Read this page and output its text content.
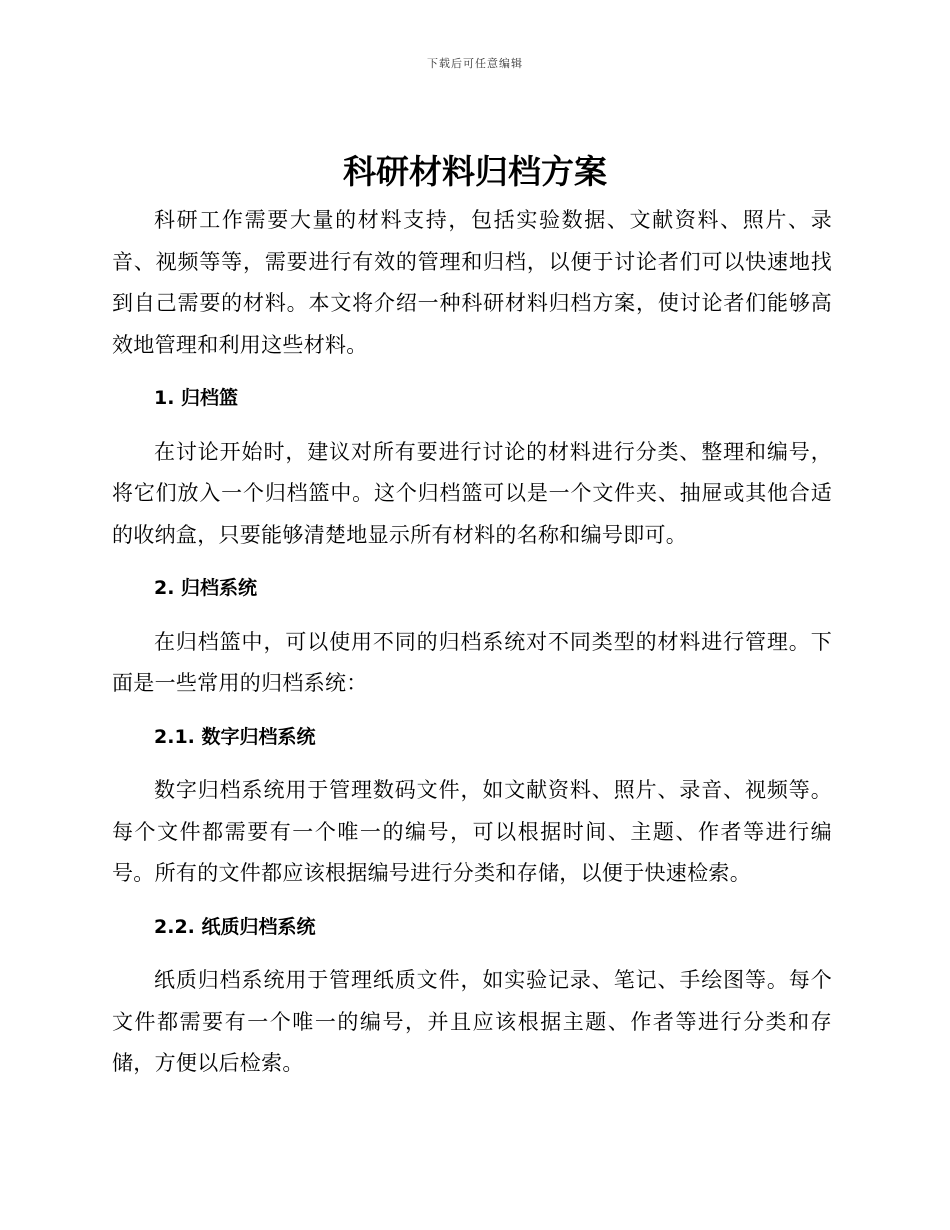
下载后可任意编辑
科研材料归档方案

科研工作需要大量的材料支持，包括实验数据、文献资料、照片、录音、视频等等，需要进行有效的管理和归档，以便于讨论者们可以快速地找到自己需要的材料。本文将介绍一种科研材料归档方案，使讨论者们能够高效地管理和利用这些材料。

1. 归档篮

在讨论开始时，建议对所有要进行讨论的材料进行分类、整理和编号，将它们放入一个归档篮中。这个归档篮可以是一个文件夹、抽屉或其他合适的收纳盒，只要能够清楚地显示所有材料的名称和编号即可。

2. 归档系统

在归档篮中，可以使用不同的归档系统对不同类型的材料进行管理。下面是一些常用的归档系统：

2.1. 数字归档系统

数字归档系统用于管理数码文件，如文献资料、照片、录音、视频等。每个文件都需要有一个唯一的编号，可以根据时间、主题、作者等进行编号。所有的文件都应该根据编号进行分类和存储，以便于快速检索。

2.2. 纸质归档系统

纸质归档系统用于管理纸质文件，如实验记录、笔记、手绘图等。每个文件都需要有一个唯一的编号，并且应该根据主题、作者等进行分类和存储，方便以后检索。
